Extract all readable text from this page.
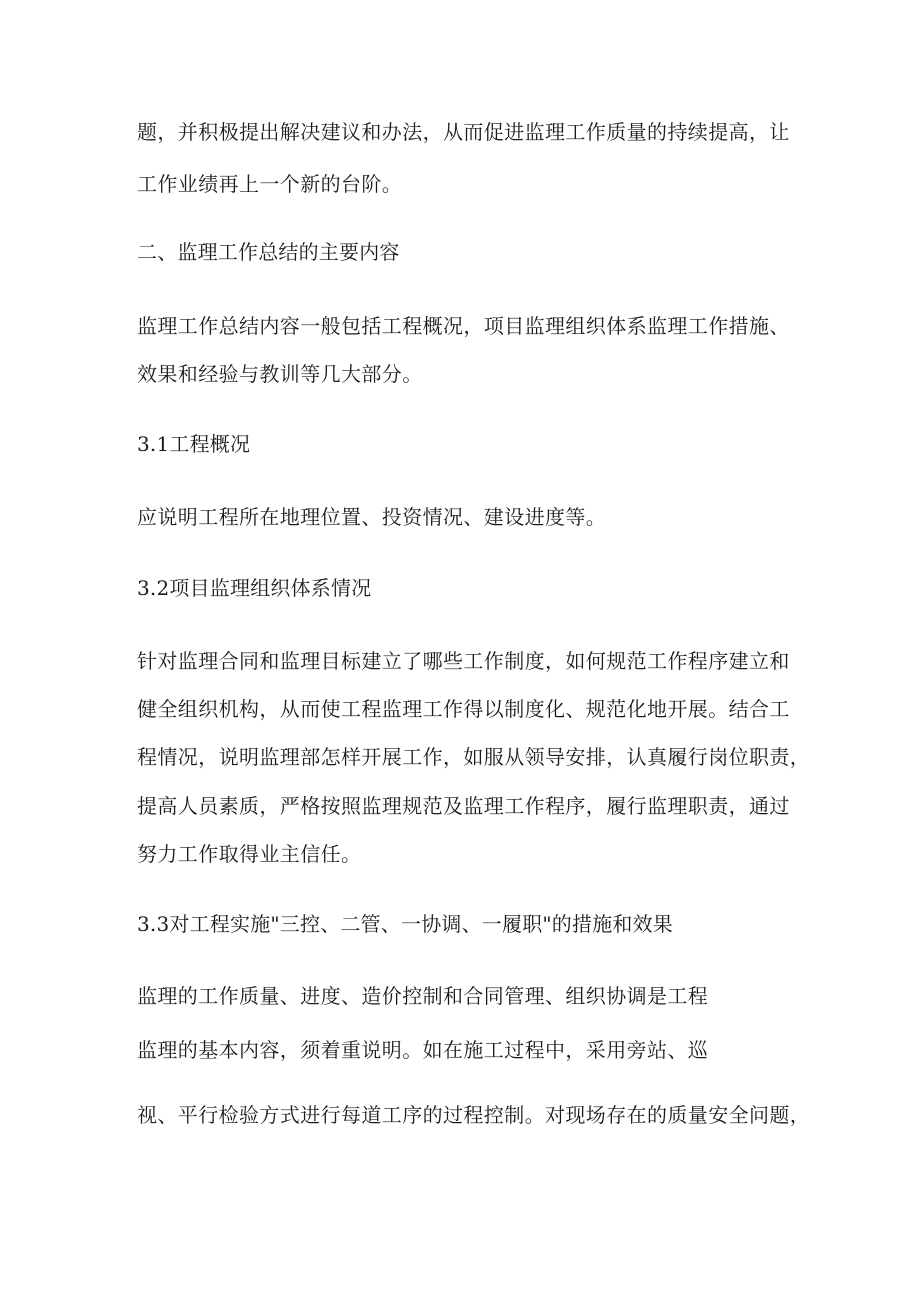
题，并积极提出解决建议和办法，从而促进监理工作质量的持续提高，让
工作业绩再上一个新的台阶。
二、监理工作总结的主要内容
监理工作总结内容一般包括工程概况，项目监理组织体系监理工作措施、
效果和经验与教训等几大部分。
3.1工程概况
应说明工程所在地理位置、投资情况、建设进度等。
3.2项目监理组织体系情况
针对监理合同和监理目标建立了哪些工作制度，如何规范工作程序建立和
健全组织机构，从而使工程监理工作得以制度化、规范化地开展。结合工
程情况，说明监理部怎样开展工作，如服从领导安排，认真履行岗位职责，
提高人员素质，严格按照监理规范及监理工作程序，履行监理职责，通过
努力工作取得业主信任。
3.3对工程实施"三控、二管、一协调、一履职"的措施和效果
监理的工作质量、进度、造价控制和合同管理、组织协调是工程
监理的基本内容，须着重说明。如在施工过程中，采用旁站、巡
视、平行检验方式进行每道工序的过程控制。对现场存在的质量安全问题，
